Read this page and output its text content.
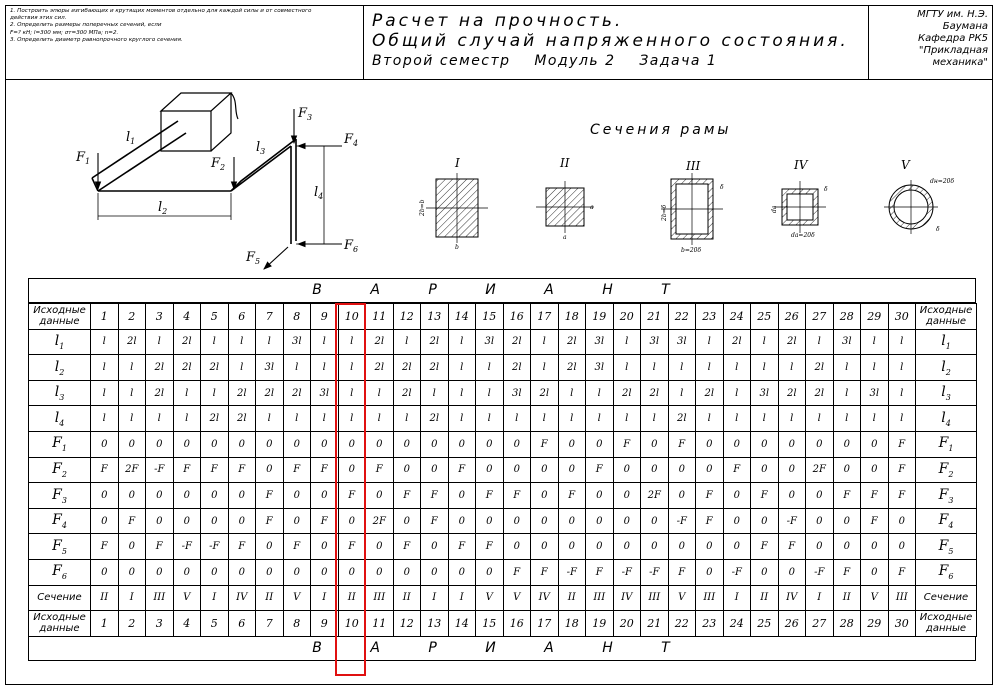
1. Построить эпюры изгибающих и крутящих моментов отдельно для каждой силы и от совместного
действия этих сил.
2. Определить размеры поперечных сечений, если
F=? кН; l=300 мм; σт=300 МПа; n=2.
3. Определить диаметр равнопрочного круглого сечения.
Расчет на прочность.
Общий случай напряженного состояния.
Второй семестр    Модуль 2    Задача 1
МГТУ им. Н.Э. Баумана
Кафедра РК5
"Прикладная механика"
$F_1$	$F_2$
$F_3$
$F_4$
$F_5$
$F_6$
$l_1$
$l_2$
$l_3$
$l_4$
I	II	III	IV	V
2b=b
b
a
a
2b=δ
b=20δ
δ
da
da=20δ
δ
dн=20δ
δ
Сечения рамы
В А Р И А Н Т
Исходные данные	1	2	3	4	5	6	7	8	9	10	11	12	13	14	15	16	17	18	19	20	21	22	23	24	25	26	27	28	29	30	Исходные данные
$l_1$	l	2l	l	2l	l	l	l	3l	l	l	2l	l	2l	l	3l	2l	l	2l	3l	l	3l	3l	l	2l	l	2l	l	3l	l	l	$l_1$
$l_2$	l	l	2l	2l	2l	l	3l	l	l	l	2l	2l	2l	l	l	2l	l	2l	3l	l	l	l	l	l	l	l	2l	l	l	l	$l_2$
$l_3$	l	l	2l	l	l	2l	2l	2l	3l	l	l	2l	l	l	l	3l	2l	l	l	2l	2l	l	2l	l	3l	2l	2l	l	3l	l	$l_3$
$l_4$	l	l	l	l	2l	2l	l	l	l	l	l	l	2l	l	l	l	l	l	l	l	l	2l	l	l	l	l	l	l	l	l	$l_4$
$F_1$	0	0	0	0	0	0	0	0	0	0	0	0	0	0	0	0	F	0	0	F	0	F	0	0	0	0	0	0	0	F	$F_1$
$F_2$	F	2F	-F	F	F	F	0	F	F	0	F	0	0	F	0	0	0	0	F	0	0	0	0	F	0	0	2F	0	0	F	$F_2$
$F_3$	0	0	0	0	0	0	F	0	0	F	0	F	F	0	F	F	0	F	0	0	2F	0	F	0	F	0	0	F	F	F	$F_3$
$F_4$	0	F	0	0	0	0	F	0	F	0	2F	0	F	0	0	0	0	0	0	0	0	-F	F	0	0	-F	0	0	F	0	$F_4$
$F_5$	F	0	F	-F	-F	F	0	F	0	F	0	F	0	F	F	0	0	0	0	0	0	0	0	0	F	F	0	0	0	0	$F_5$
$F_6$	0	0	0	0	0	0	0	0	0	0	0	0	0	0	0	F	F	-F	F	-F	-F	F	0	-F	0	0	-F	F	0	F	$F_6$
Сечение	II	I	III	V	I	IV	II	V	I	II	III	II	I	I	V	V	IV	II	III	IV	III	V	III	I	II	IV	I	II	V	III	Сечение
Исходные данные	1	2	3	4	5	6	7	8	9	10	11	12	13	14	15	16	17	18	19	20	21	22	23	24	25	26	27	28	29	30	Исходные данные
В А Р И А Н Т
